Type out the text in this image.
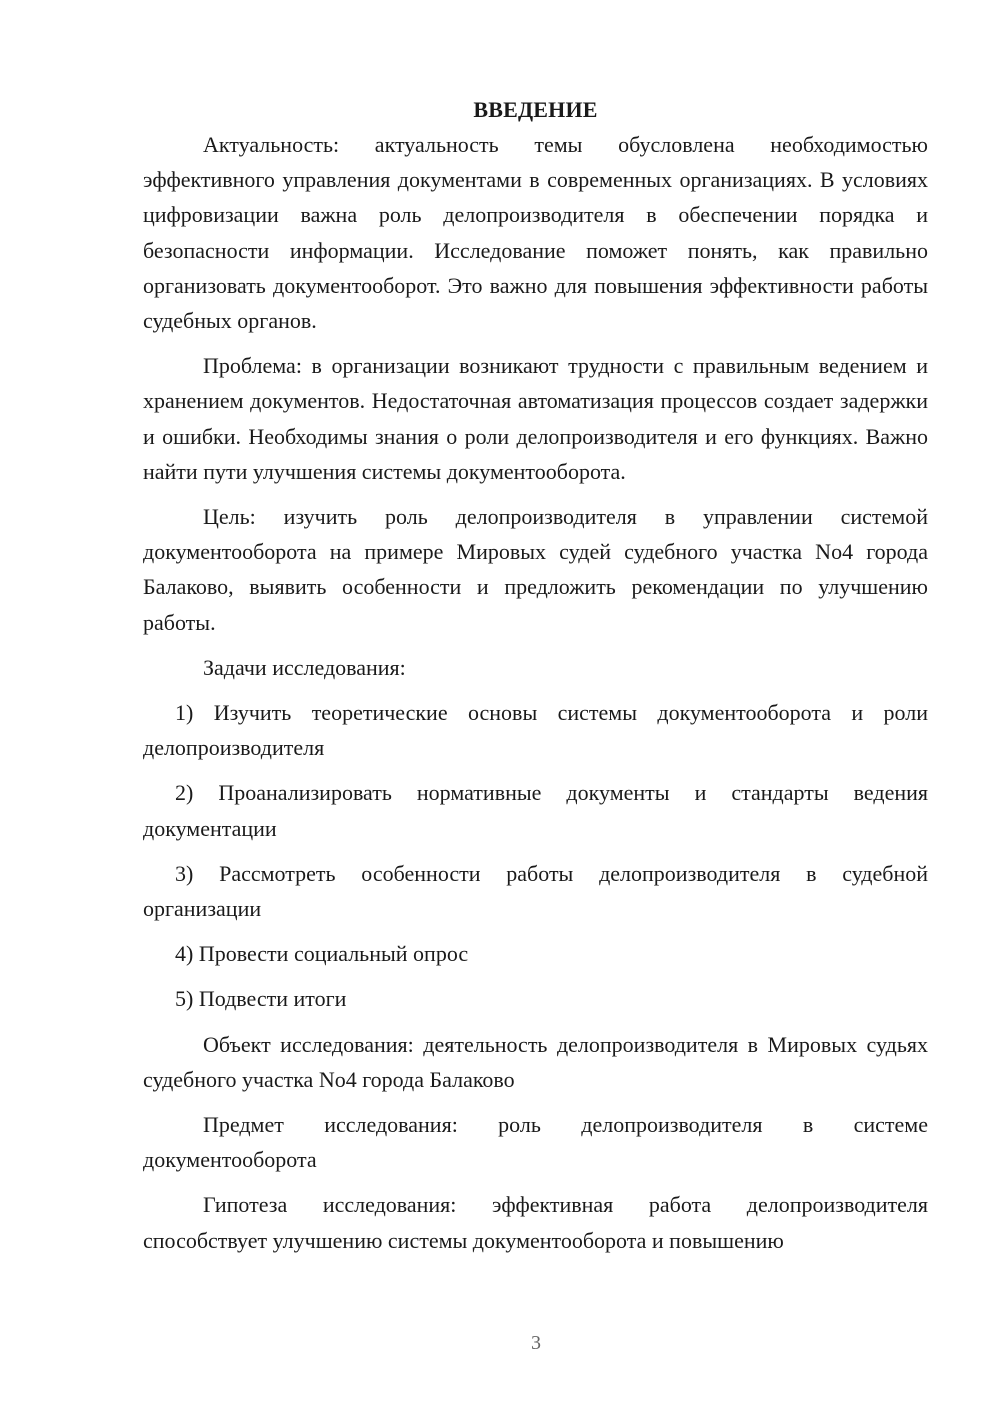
ВВЕДЕНИЕ

Актуальность: актуальность темы обусловлена необходимостью эффективного управления документами в современных организациях. В условиях цифровизации важна роль делопроизводителя в обеспечении порядка и безопасности информации. Исследование поможет понять, как правильно организовать документооборот. Это важно для повышения эффективности работы судебных органов.

Проблема: в организации возникают трудности с правильным ведением и хранением документов. Недостаточная автоматизация процессов создает задержки и ошибки. Необходимы знания о роли делопроизводителя и его функциях. Важно найти пути улучшения системы документооборота.

Цель: изучить роль делопроизводителя в управлении системой документооборота на примере Мировых судей судебного участка No4 города Балаково, выявить особенности и предложить рекомендации по улучшению работы.

Задачи исследования:

1) Изучить теоретические основы системы документооборота и роли делопроизводителя

2) Проанализировать нормативные документы и стандарты ведения документации

3) Рассмотреть особенности работы делопроизводителя в судебной организации

4) Провести социальный опрос

5) Подвести итоги

Объект исследования: деятельность делопроизводителя в Мировых судьях судебного участка No4 города Балаково

Предмет исследования: роль делопроизводителя в системе документооборота

Гипотеза исследования: эффективная работа делопроизводителя способствует улучшению системы документооборота и повышению

3
